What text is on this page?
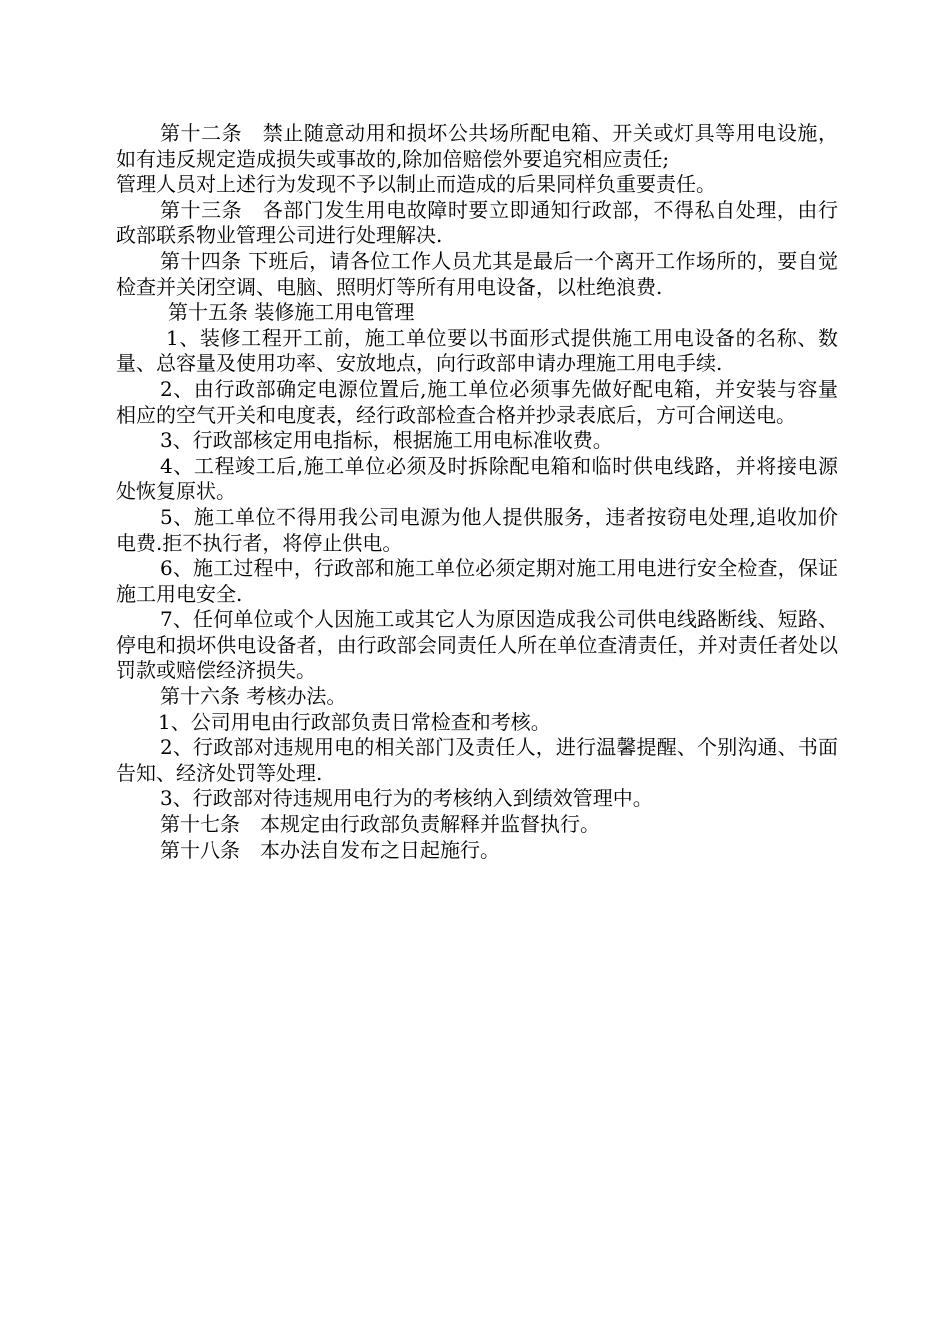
第十二条　禁止随意动用和损坏公共场所配电箱、开关或灯具等用电设施，如有违反规定造成损失或事故的,除加倍赔偿外要追究相应责任;

管理人员对上述行为发现不予以制止而造成的后果同样负重要责任。

第十三条　各部门发生用电故障时要立即通知行政部，不得私自处理，由行政部联系物业管理公司进行处理解决.

第十四条 下班后，请各位工作人员尤其是最后一个离开工作场所的，要自觉检查并关闭空调、电脑、照明灯等所有用电设备，以杜绝浪费.

第十五条 装修施工用电管理

1、装修工程开工前，施工单位要以书面形式提供施工用电设备的名称、数量、总容量及使用功率、安放地点，向行政部申请办理施工用电手续.

2、由行政部确定电源位置后,施工单位必须事先做好配电箱，并安装与容量相应的空气开关和电度表，经行政部检查合格并抄录表底后，方可合闸送电。

3、行政部核定用电指标，根据施工用电标准收费。

4、工程竣工后,施工单位必须及时拆除配电箱和临时供电线路，并将接电源处恢复原状。

5、施工单位不得用我公司电源为他人提供服务，违者按窃电处理,追收加价电费.拒不执行者，将停止供电。

6、施工过程中，行政部和施工单位必须定期对施工用电进行安全检查，保证施工用电安全.

7、任何单位或个人因施工或其它人为原因造成我公司供电线路断线、短路、停电和损坏供电设备者，由行政部会同责任人所在单位查清责任，并对责任者处以罚款或赔偿经济损失。

第十六条 考核办法。

1、公司用电由行政部负责日常检查和考核。

2、行政部对违规用电的相关部门及责任人，进行温馨提醒、个别沟通、书面告知、经济处罚等处理.

3、行政部对待违规用电行为的考核纳入到绩效管理中。

第十七条　本规定由行政部负责解释并监督执行。

第十八条　本办法自发布之日起施行。
